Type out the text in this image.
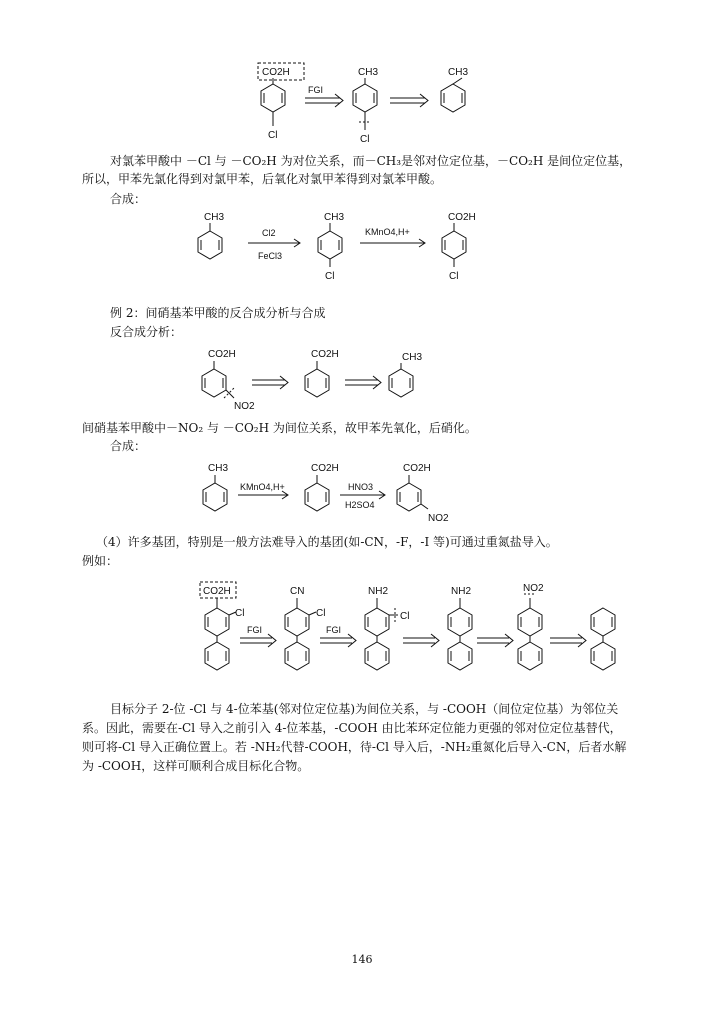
CO2H
FGI
CH3
Cl
CH3
Cl
对氯苯甲酸中 －Cl 与 －CO₂H 为对位关系，而－CH₃是邻对位定位基，－CO₂H 是间位定位基，
所以，甲苯先氯化得到对氯甲苯，后氧化对氯甲苯得到对氯苯甲酸。
合成：
CH3
Cl2
FeCl3
CH3
Cl
KMnO4,H+
CO2H
Cl
例 2：间硝基苯甲酸的反合成分析与合成
反合成分析：
CO2H
NO2
CO2H	CH3
间硝基苯甲酸中－NO₂ 与 －CO₂H 为间位关系，故甲苯先氧化，后硝化。
合成：
CH3
KMnO4,H+
CO2H
HNO3
H2SO4
CO2H
NO2
（4）许多基团，特别是一般方法难导入的基团(如-CN，-F，-I 等)可通过重氮盐导入。
例如：
CO2H
Cl
FGI
CN
Cl
FGI
NH2
Cl
NH2	NO2
目标分子 2-位 -Cl 与 4-位苯基(邻对位定位基)为间位关系，与 -COOH（间位定位基）为邻位关
系。因此，需要在-Cl 导入之前引入 4-位苯基，-COOH 由比苯环定位能力更强的邻对位定位基替代，
则可将-Cl 导入正确位置上。若 -NH₂代替-COOH，待-Cl 导入后，-NH₂重氮化后导入-CN，后者水解
为 -COOH，这样可顺利合成目标化合物。
146
